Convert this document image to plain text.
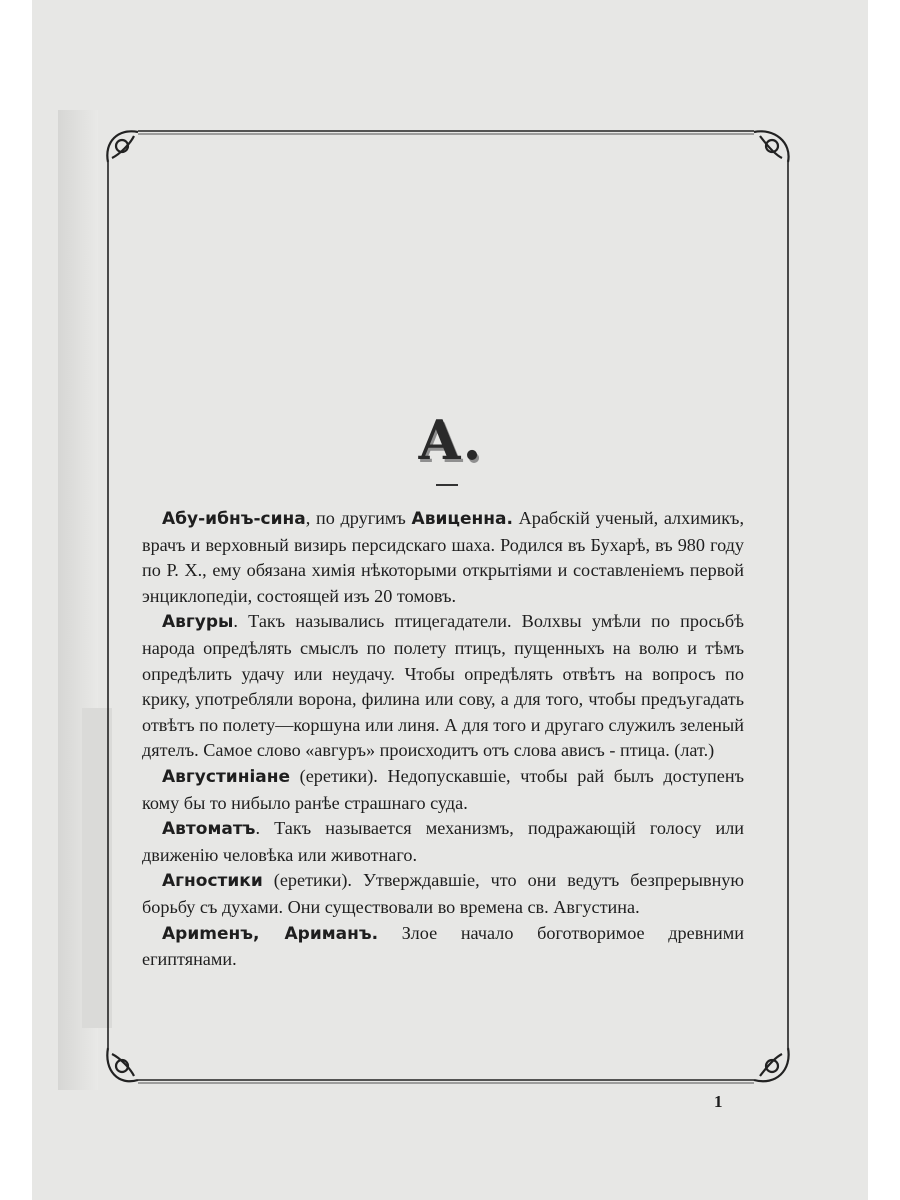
А.

Абу-ибнъ-сина, по другимъ Авиценна. Арабскій ученый, алхимикъ, врачъ и верховный визирь персидскаго шаха. Родился въ Бухарѣ, въ 980 году по Р. Х., ему обязана химія нѣкоторыми открытіями и составленіемъ первой энциклопедіи, состоящей изъ 20 томовъ.

Авгуры. Такъ назывались птицегадатели. Волхвы умѣли по просьбѣ народа опредѣлять смыслъ по полету птицъ, пущенныхъ на волю и тѣмъ опредѣлить удачу или неудачу. Чтобы опредѣлять отвѣтъ на вопросъ по крику, употребляли ворона, филина или сову, а для того, чтобы предъугадать отвѣтъ по полету—коршуна или линя. А для того и другаго служилъ зеленый дятелъ. Самое слово «авгуръ» происходитъ отъ слова ависъ - птица. (лат.)

Августиніане (еретики). Недопускавшіе, чтобы рай былъ доступенъ кому бы то нибыло ранѣе страшнаго суда.

Автоматъ. Такъ называется механизмъ, подражающій голосу или движенію человѣка или животнаго.

Агностики (еретики). Утверждавшіе, что они ведутъ безпрерывную борьбу съ духами. Они существовали во времена св. Августина.

Ариmенъ, Ариманъ. Злое начало боготворимое древними египтянами.

1
